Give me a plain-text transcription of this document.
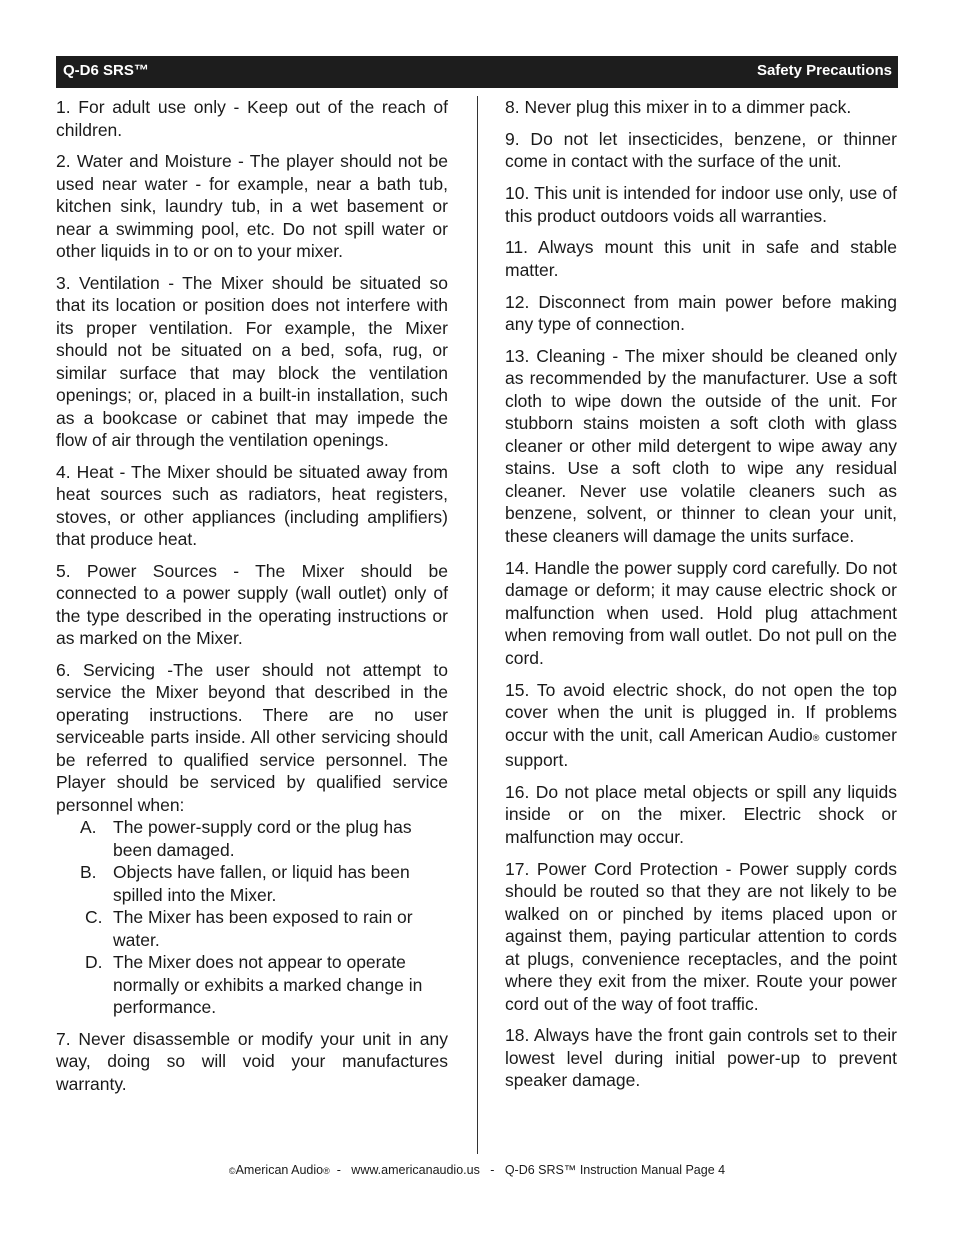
Q-D6 SRS™	Safety Precautions

1. For adult use only - Keep out of the reach of children.

2. Water and Moisture - The player should not be used near water - for example, near a bath tub, kitchen sink, laundry tub, in a wet basement or near a swimming pool, etc. Do not spill water or other liquids in to or on to your mixer.

3. Ventilation - The Mixer should be situated so that its location or position does not interfere with its proper ventilation. For example, the Mixer should not be situated on a bed, sofa, rug, or similar surface that may block the ventilation openings; or, placed in a built-in installation, such as a bookcase or cabinet that may impede the flow of air through the ventilation openings.

4. Heat - The Mixer should be situated away from heat sources such as radiators, heat registers, stoves, or other appliances (including amplifiers) that produce heat.

5. Power Sources - The Mixer should be connected to a power supply (wall outlet) only of the type described in the operating instructions or as marked on the Mixer.

6. Servicing -The user should not attempt to service the Mixer beyond that described in the operating instructions. There are no user serviceable parts inside. All other servicing should be referred to qualified service personnel. The Player should be serviced by qualified service personnel when:

A. The power-supply cord or the plug has been damaged.
B. Objects have fallen, or liquid has been spilled into the Mixer.
C. The Mixer has been exposed to rain or water.
D. The Mixer does not appear to operate normally or exhibits a marked change in performance.

7. Never disassemble or modify your unit in any way, doing so will void your manufactures warranty.

8. Never plug this mixer in to a dimmer pack.

9. Do not let insecticides, benzene, or thinner come in contact with the surface of the unit.

10. This unit is intended for indoor use only, use of this product outdoors voids all warranties.

11. Always mount this unit in safe and stable matter.

12. Disconnect from main power before making any type of connection.

13. Cleaning - The mixer should be cleaned only as recommended by the manufacturer. Use a soft cloth to wipe down the outside of the unit. For stubborn stains moisten a soft cloth with glass cleaner or other mild detergent to wipe away any stains. Use a soft cloth to wipe any residual cleaner. Never use volatile cleaners such as benzene, solvent, or thinner to clean your unit, these cleaners will damage the units surface.

14. Handle the power supply cord carefully. Do not damage or deform; it may cause electric shock or malfunction when used. Hold plug attachment when removing from wall outlet. Do not pull on the cord.

15. To avoid electric shock, do not open the top cover when the unit is plugged in. If problems occur with the unit, call American Audio® customer support.

16. Do not place metal objects or spill any liquids inside or on the mixer. Electric shock or malfunction may occur.

17. Power Cord Protection - Power supply cords should be routed so that they are not likely to be walked on or pinched by items placed upon or against them, paying particular attention to cords at plugs, convenience receptacles, and the point where they exit from the mixer. Route your power cord out of the way of foot traffic.

18. Always have the front gain controls set to their lowest level during initial power-up to prevent speaker damage.

©American Audio®  -   www.americanaudio.us   -   Q-D6 SRS™ Instruction Manual Page 4
